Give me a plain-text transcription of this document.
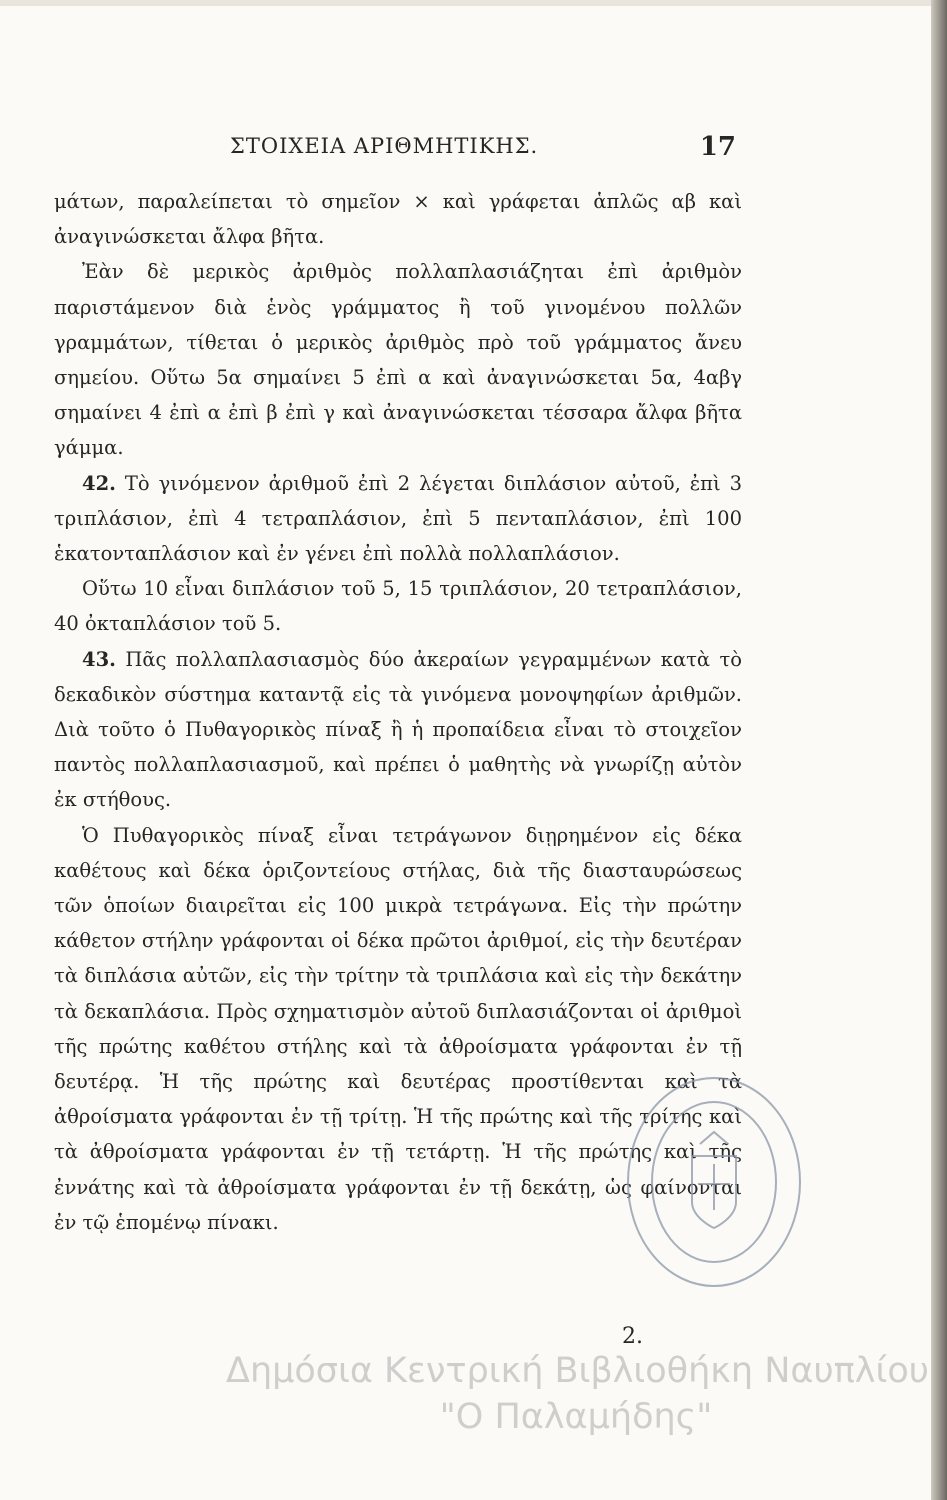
ΣΤΟΙΧΕΙΑ ΑΡΙΘΜΗΤΙΚΗΣ.	17

μάτων, παραλείπεται τὸ σημεῖον × καὶ γράφεται ἁπλῶς αβ καὶ ἀναγινώσκεται ἄλφα βῆτα.

Ἐὰν δὲ μερικὸς ἀριθμὸς πολλαπλασιάζηται ἐπὶ ἀριθμὸν παριστάμενον διὰ ἑνὸς γράμματος ἢ τοῦ γινομένου πολλῶν γραμμάτων, τίθεται ὁ μερικὸς ἀριθμὸς πρὸ τοῦ γράμματος ἄνευ σημείου. Οὕτω 5α σημαίνει 5 ἐπὶ α καὶ ἀναγινώσκεται 5α, 4αβγ σημαίνει 4 ἐπὶ α ἐπὶ β ἐπὶ γ καὶ ἀναγινώσκεται τέσσαρα ἄλφα βῆτα γάμμα.

42. Τὸ γινόμενον ἀριθμοῦ ἐπὶ 2 λέγεται διπλάσιον αὐτοῦ, ἐπὶ 3 τριπλάσιον, ἐπὶ 4 τετραπλάσιον, ἐπὶ 5 πενταπλάσιον, ἐπὶ 100 ἑκατονταπλάσιον καὶ ἐν γένει ἐπὶ πολλὰ πολλαπλάσιον.

Οὕτω 10 εἶναι διπλάσιον τοῦ 5, 15 τριπλάσιον, 20 τετραπλάσιον, 40 ὀκταπλάσιον τοῦ 5.

43. Πᾶς πολλαπλασιασμὸς δύο ἀκεραίων γεγραμμένων κατὰ τὸ δεκαδικὸν σύστημα καταντᾷ εἰς τὰ γινόμενα μονοψηφίων ἀριθμῶν. Διὰ τοῦτο ὁ Πυθαγορικὸς πίναξ ἢ ἡ προπαίδεια εἶναι τὸ στοιχεῖον παντὸς πολλαπλασιασμοῦ, καὶ πρέπει ὁ μαθητὴς νὰ γνωρίζῃ αὐτὸν ἐκ στήθους.

Ὁ Πυθαγορικὸς πίναξ εἶναι τετράγωνον διῃρημένον εἰς δέκα καθέτους καὶ δέκα ὁριζοντείους στήλας, διὰ τῆς διασταυρώσεως τῶν ὁποίων διαιρεῖται εἰς 100 μικρὰ τετράγωνα. Εἰς τὴν πρώτην κάθετον στήλην γράφονται οἱ δέκα πρῶτοι ἀριθμοί, εἰς τὴν δευτέραν τὰ διπλάσια αὐτῶν, εἰς τὴν τρίτην τὰ τριπλάσια καὶ εἰς τὴν δεκάτην τὰ δεκαπλάσια. Πρὸς σχηματισμὸν αὐτοῦ διπλασιάζονται οἱ ἀριθμοὶ τῆς πρώτης καθέτου στήλης καὶ τὰ ἀθροίσματα γράφονται ἐν τῇ δευτέρᾳ. Ἡ τῆς πρώτης καὶ δευτέρας προστίθενται καὶ τὰ ἀθροίσματα γράφονται ἐν τῇ τρίτῃ. Ἡ τῆς πρώτης καὶ τῆς τρίτης καὶ τὰ ἀθροίσματα γράφονται ἐν τῇ τετάρτῃ. Ἡ τῆς πρώτης καὶ τῆς ἐννάτης καὶ τὰ ἀθροίσματα γράφονται ἐν τῇ δεκάτῃ, ὡς φαίνονται ἐν τῷ ἑπομένῳ πίνακι.

2.
Δημόσια Κεντρική Βιβλιοθήκη Ναυπλίου
"Ο Παλαμήδης"
